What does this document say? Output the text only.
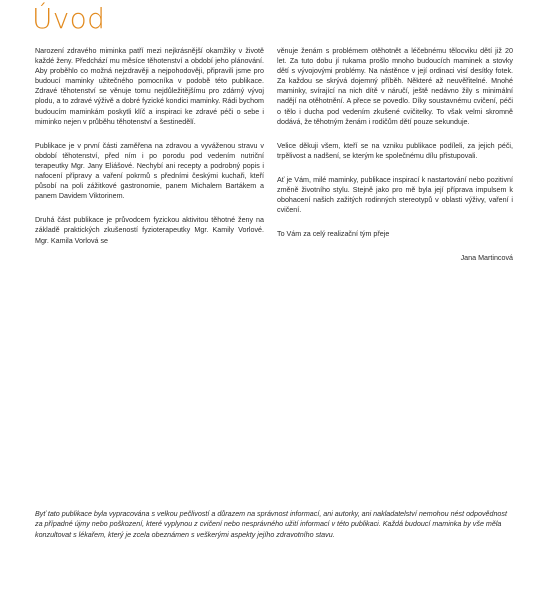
Úvod

Narození zdravého miminka patří mezi nejkrásnější okamžiky v životě každé ženy. Předchází mu měsíce těhotenství a období jeho plánování. Aby proběhlo co možná nejzdravěji a nejpohodověji, připravili jsme pro budoucí maminky užitečného pomocníka v podobě této publikace. Zdravé těhotenství se věnuje tomu nejdůležitějšímu pro zdárný vývoj plodu, a to zdravé výživě a dobré fyzické kondici maminky. Rádi bychom budoucím maminkám poskytli klíč a inspiraci ke zdravé péči o sebe i miminko nejen v průběhu těhotenství a šestinedělí.

Publikace je v první části zaměřena na zdravou a vyváženou stravu v období těhotenství, před ním i po porodu pod vedením nutriční terapeutky Mgr. Jany Eliášové. Nechybí ani recepty a podrobný popis i nafocení přípravy a vaření pokrmů s předními českými kuchaři, kteří působí na poli zážitkové gastronomie, panem Michalem Bartákem a panem Davidem Viktorinem.

Druhá část publikace je průvodcem fyzickou aktivitou těhotné ženy na základě praktických zkušeností fyzioterapeutky Mgr. Kamily Vorlové. Mgr. Kamila Vorlová se

věnuje ženám s problémem otěhotnět a léčebnému tělocviku dětí již 20 let. Za tuto dobu jí rukama prošlo mnoho budoucích maminek a stovky dětí s vývojovými problémy. Na nástěnce v její ordinaci visí desítky fotek. Za každou se skrývá dojemný příběh. Některé až neuvěřitelné. Mnohé maminky, svírající na nich dítě v náručí, ještě nedávno žily s minimální nadějí na otěhotnění. A přece se povedlo. Díky soustavnému cvičení, péči o tělo i ducha pod vedením zkušené cvičitelky. To však velmi skromně dodává, že těhotným ženám i rodičům dětí pouze sekunduje.

Velice děkuji všem, kteří se na vzniku publikace podíleli, za jejich péči, trpělivost a nadšení, se kterým ke společnému dílu přistupovali.

Ať je Vám, milé maminky, publikace inspirací k nastartování nebo pozitivní změně životního stylu. Stejně jako pro mě byla její příprava impulsem k obohacení našich zažitých rodinných stereotypů v oblasti výživy, vaření i cvičení.

To Vám za celý realizační tým přeje

Jana Martincová

Byť tato publikace byla vypracována s velkou pečlivostí a důrazem na správnost informací, ani autorky, ani nakladatelství nemohou nést odpovědnost za případné újmy nebo poškození, které vyplynou z cvičení nebo nesprávného užití informací v této publikaci. Každá budoucí maminka by vše měla konzultovat s lékařem, který je zcela obeznámen s veškerými aspekty jejího zdravotního stavu.
